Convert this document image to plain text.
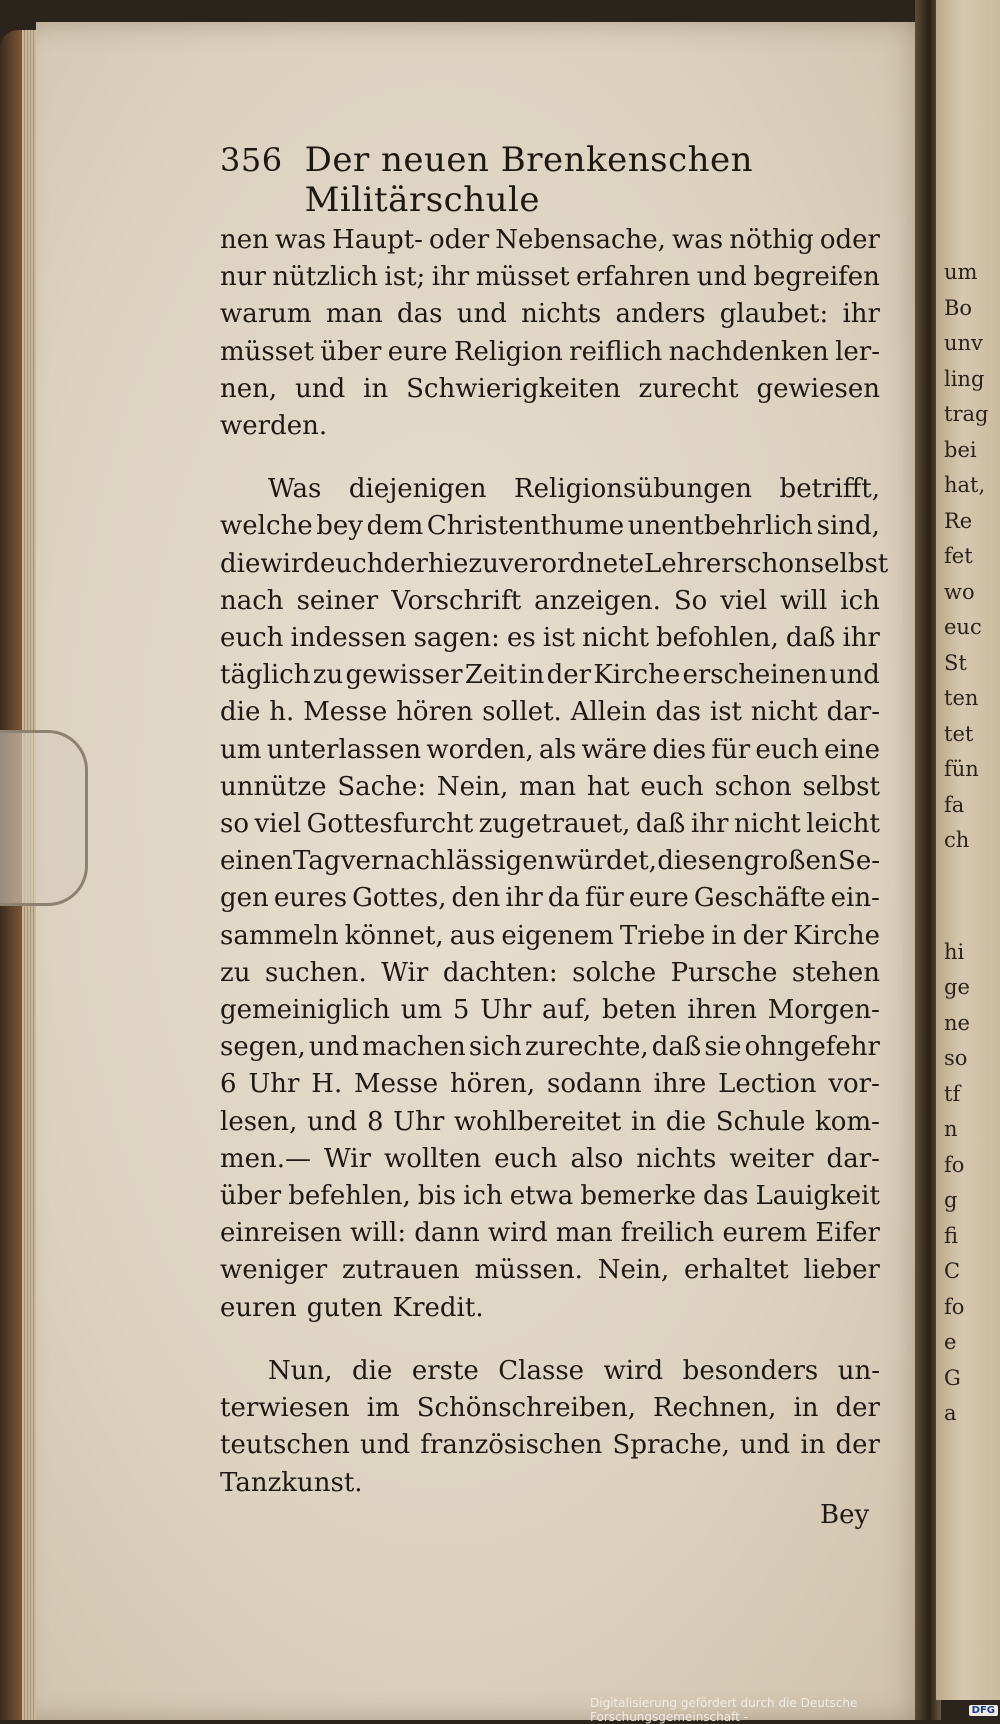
356 Der neuen Brenkenschen Militärschule
nen was Haupt- oder Nebensache, was nöthig oder
nur nützlich ist; ihr müsset erfahren und begreifen
warum man das und nichts anders glaubet: ihr
müsset über eure Religion reiflich nachdenken ler-
nen, und in Schwierigkeiten zurecht gewiesen
werden.
Was diejenigen Religionsübungen betrifft,
welche bey dem Christenthume unentbehrlich sind,
die wird euch der hiezu verordnete Lehrer schon selbst
nach seiner Vorschrift anzeigen. So viel will ich
euch indessen sagen: es ist nicht befohlen, daß ihr
täglich zu gewisser Zeit in der Kirche erscheinen und
die h. Messe hören sollet. Allein das ist nicht dar-
um unterlassen worden, als wäre dies für euch eine
unnütze Sache: Nein, man hat euch schon selbst
so viel Gottesfurcht zugetrauet, daß ihr nicht leicht
einen Tag vernachlässigen würdet, diesen großen Se-
gen eures Gottes, den ihr da für eure Geschäfte ein-
sammeln könnet, aus eigenem Triebe in der Kirche
zu suchen. Wir dachten: solche Pursche stehen
gemeiniglich um 5 Uhr auf, beten ihren Morgen-
segen, und machen sich zurechte, daß sie ohngefehr
6 Uhr H. Messe hören, sodann ihre Lection vor-
lesen, und 8 Uhr wohlbereitet in die Schule kom-
men.— Wir wollten euch also nichts weiter dar-
über befehlen, bis ich etwa bemerke das Lauigkeit
einreisen will: dann wird man freilich eurem Eifer
weniger zutrauen müssen. Nein, erhaltet lieber
euren guten Kredit.
Nun, die erste Classe wird besonders un-
terwiesen im Schönschreiben, Rechnen, in der
teutschen und französischen Sprache, und in der
Tanzkunst.
Bey
um
Bo
unv
ling
trag
bei
hat,
Re
fet
wo
euc
St
ten
tet
fün
fa
ch
hi
ge
ne
so
tf
n
fo
g
fi
C
fo
e
G
a
Digitalisierung gefördert durch die Deutsche Forschungsgemeinschaft -	DFG
